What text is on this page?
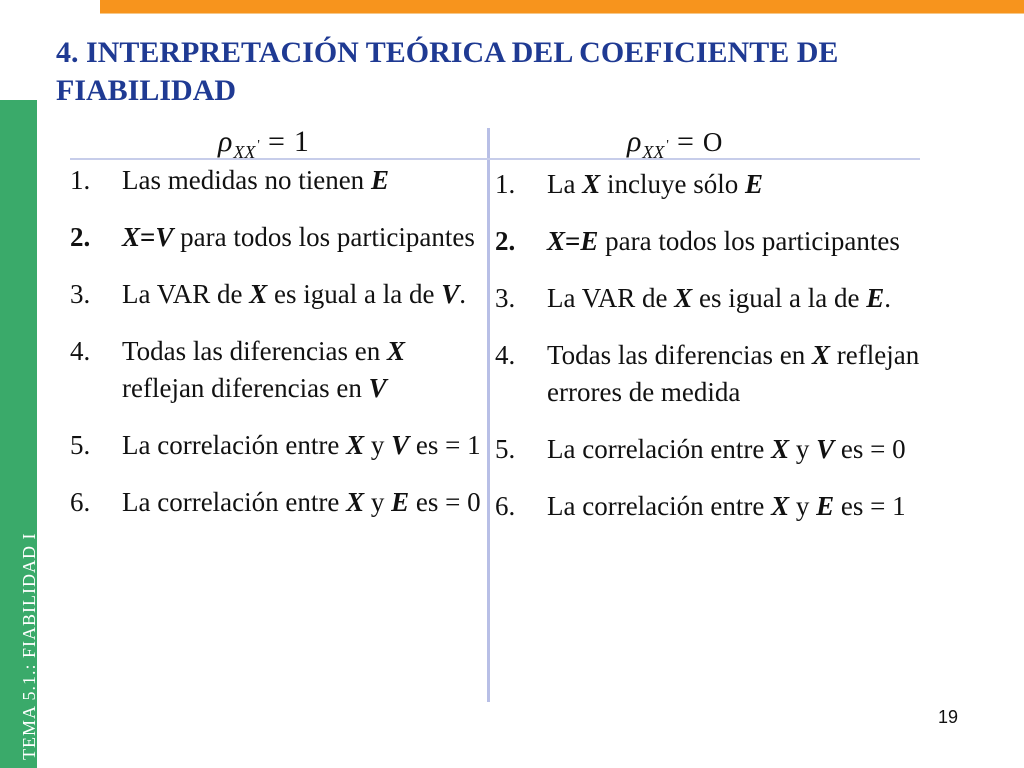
TEMA 5.1.: FIABILIDAD I
4. INTERPRETACIÓN TEÓRICA DEL COEFICIENTE DE FIABILIDAD
$\rho_{XX}$ ' = 1	$\rho_{XX}$ ' = O
1. Las medidas no tienen E
2. X=V para todos los participantes
3. La VAR de X es igual a la de V.
4. Todas las diferencias en X reflejan diferencias en V
5. La correlación entre X y V es = 1
6. La correlación entre X y E es = 0
1. La X incluye sólo E
2. X=E para todos los participantes
3. La VAR de X es igual a la de E.
4. Todas las diferencias en X reflejan errores de medida
5. La correlación entre X y V es = 0
6. La correlación entre X y E es = 1
19
